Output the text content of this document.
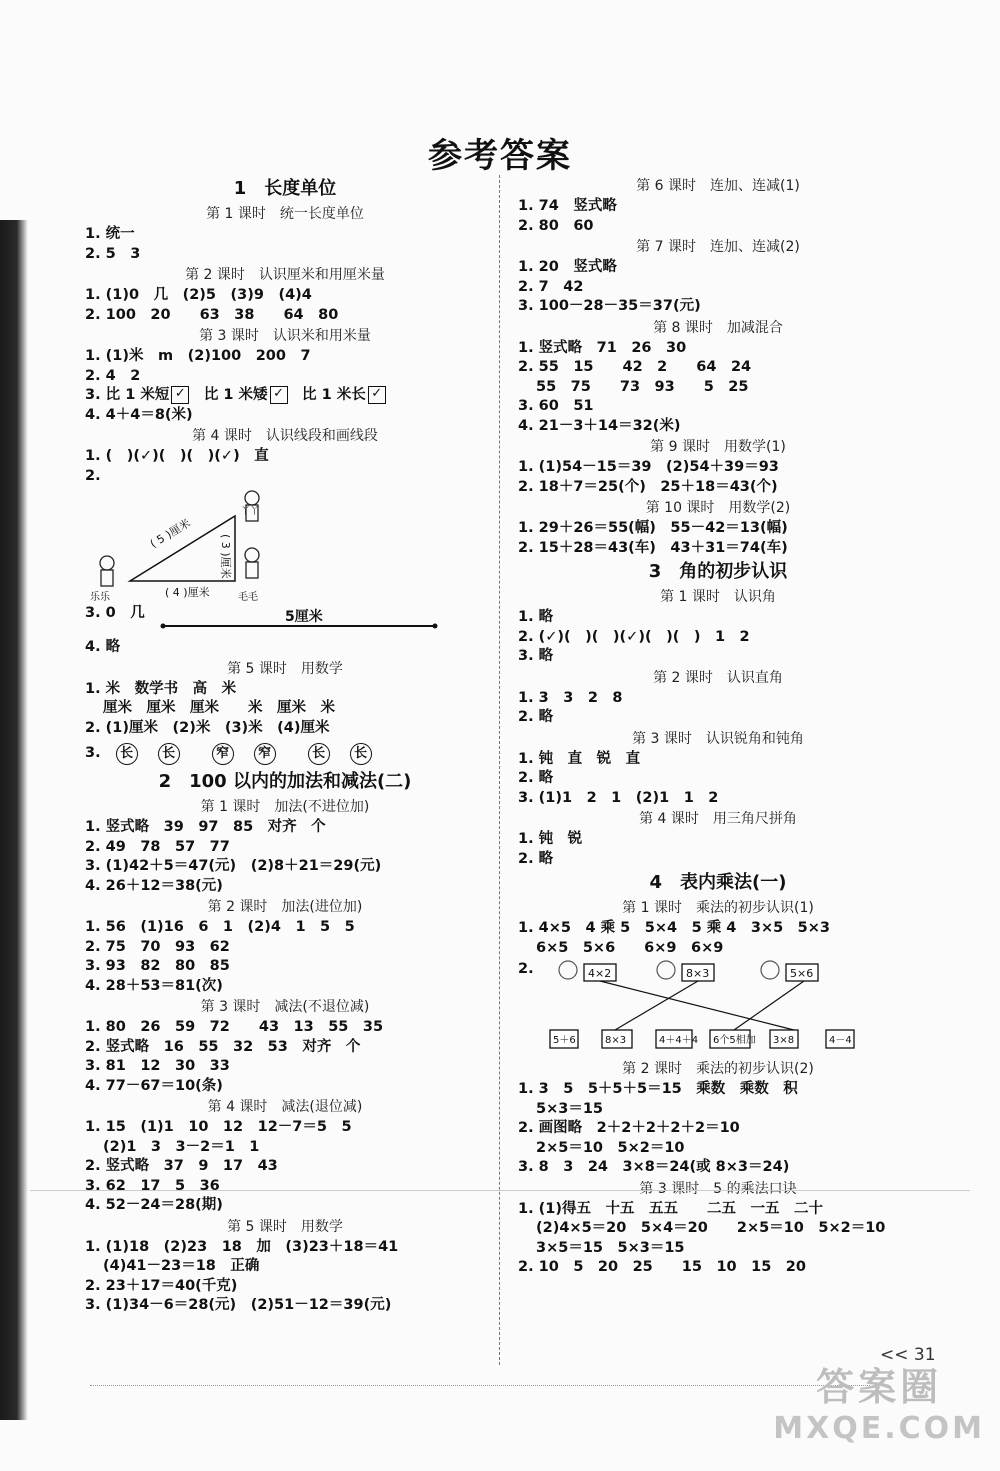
参考答案
1　长度单位
第 1 课时　统一长度单位
1. 统一
2. 5　3
第 2 课时　认识厘米和用厘米量
1. (1)0　几　(2)5　(3)9　(4)4
2. 100　20　　63　38　　64　80
第 3 课时　认识米和用米量
1. (1)米　m　(2)100　200　7
2. 4　2
3. 比 1 米短 ✓　 比 1 米矮 ✓　 比 1 米长 ✓
4. 4＋4＝8(米)
第 4 课时　认识线段和画线段
1. (　)(✓)(　)(　)(✓)　直
2.
( 5 )厘米
( 3 )厘米
( 4 )厘米
乐乐	毛毛
丫丫
3. 0　几	5厘米
4. 略
第 5 课时　用数学
1. 米　数学书　高　米
厘米　厘米　厘米　　米　厘米　米
2. (1)厘米　(2)米　(3)米　(4)厘米
3. 长 长	窄 窄	长 长
2　100 以内的加法和减法(二)
第 1 课时　加法(不进位加)
1. 竖式略　39　97　85　对齐　个
2. 49　78　57　77
3. (1)42＋5＝47(元)　(2)8＋21＝29(元)
4. 26＋12＝38(元)
第 2 课时　加法(进位加)
1. 56　(1)16　6　1　(2)4　1　5　5
2. 75　70　93　62
3. 93　82　80　85
4. 28＋53＝81(次)
第 3 课时　减法(不退位减)
1. 80　26　59　72　　43　13　55　35
2. 竖式略　16　55　32　53　对齐　个
3. 81　12　30　33
4. 77－67＝10(条)
第 4 课时　减法(退位减)
1. 15　(1)1　10　12　12－7＝5　5
(2)1　3　3－2＝1　1
2. 竖式略　37　9　17　43
3. 62　17　5　36
4. 52－24＝28(期)
第 5 课时　用数学
1. (1)18　(2)23　18　加　(3)23＋18＝41
(4)41－23＝18　正确
2. 23＋17＝40(千克)
3. (1)34－6＝28(元)　(2)51－12＝39(元)
第 6 课时　连加、连减(1)
1. 74　竖式略
2. 80　60
第 7 课时　连加、连减(2)
1. 20　竖式略
2. 7　42
3. 100－28－35＝37(元)
第 8 课时　加减混合
1. 竖式略　71　26　30
2. 55　15　　42　2　　64　24
55　75　　73　93　　5　25
3. 60　51
4. 21－3＋14＝32(米)
第 9 课时　用数学(1)
1. (1)54－15＝39　(2)54＋39＝93
2. 18＋7＝25(个)　25＋18＝43(个)
第 10 课时　用数学(2)
1. 29＋26＝55(幅)　55－42＝13(幅)
2. 15＋28＝43(车)　43＋31＝74(车)
3　角的初步认识
第 1 课时　认识角
1. 略
2. (✓)(　)(　)(✓)(　)(　)　1　2
3. 略
第 2 课时　认识直角
1. 3　3　2　8
2. 略
第 3 课时　认识锐角和钝角
1. 钝　直　锐　直
2. 略
3. (1)1　2　1　(2)1　1　2
第 4 课时　用三角尺拼角
1. 钝　锐
2. 略
4　表内乘法(一)
第 1 课时　乘法的初步认识(1)
1. 4×5　4 乘 5　5×4　5 乘 4　3×5　5×3
6×5　5×6　　6×9　6×9
2.	4×2	8×3	5×6
5＋6	8×3	4＋4＋4 6个5相加 3×8	4－4
第 2 课时　乘法的初步认识(2)
1. 3　5　5＋5＋5＝15　乘数　乘数　积
5×3＝15
2. 画图略　2＋2＋2＋2＋2＝10
2×5＝10　5×2＝10
3. 8　3　24　3×8＝24(或 8×3＝24)
第 3 课时　5 的乘法口诀
1. (1)得五　十五　五五　　二五　一五　二十
(2)4×5＝20　5×4＝20　　2×5＝10　5×2＝10
3×5＝15　5×3＝15
2. 10　5　20　25　　15　10　15　20
<< 31
答案圈
MXQE.COM
